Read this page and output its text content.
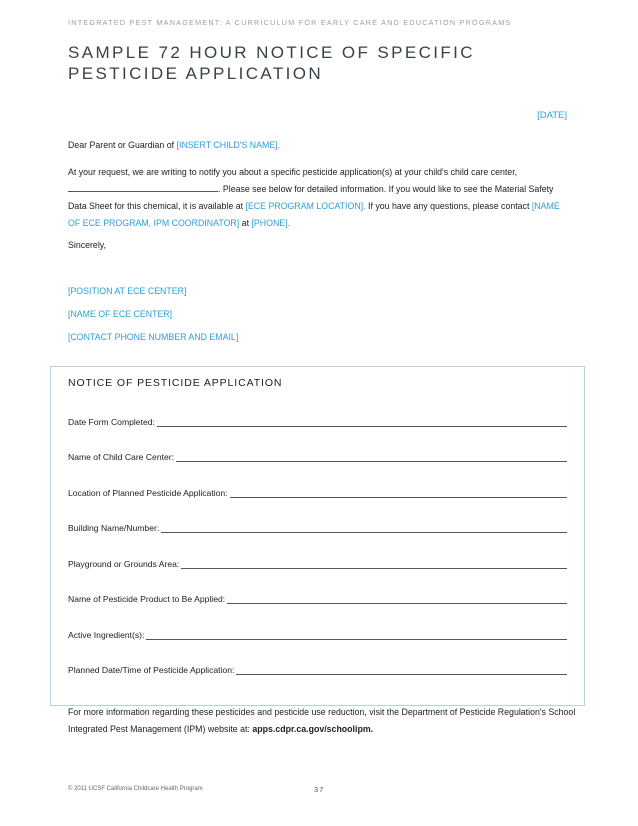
INTEGRATED PEST MANAGEMENT: A CURRICULUM FOR EARLY CARE AND EDUCATION PROGRAMS
SAMPLE 72 HOUR NOTICE OF SPECIFIC PESTICIDE APPLICATION
[DATE]
Dear Parent or Guardian of [INSERT CHILD'S NAME],
At your request, we are writing to notify you about a specific pesticide application(s) at your child's child care center, . Please see below for detailed information. If you would like to see the Material Safety Data Sheet for this chemical, it is available at [ECE PROGRAM LOCATION]. If you have any questions, please contact [NAME OF ECE PROGRAM, IPM COORDINATOR] at [PHONE].
Sincerely,
[POSITION AT ECE CENTER]
[NAME OF ECE CENTER]
[CONTACT PHONE NUMBER AND EMAIL]
NOTICE OF PESTICIDE APPLICATION
Date Form Completed:
Name of Child Care Center:
Location of Planned Pesticide Application:
Building Name/Number:
Playground or Grounds Area:
Name of Pesticide Product to Be Applied:
Active Ingredient(s):
Planned Date/Time of Pesticide Application:
For more information regarding these pesticides and pesticide use reduction, visit the Department of Pesticide Regulation's School Integrated Pest Management (IPM) website at: apps.cdpr.ca.gov/schoolipm.
© 2011 UCSF California Childcare Health Program	37
